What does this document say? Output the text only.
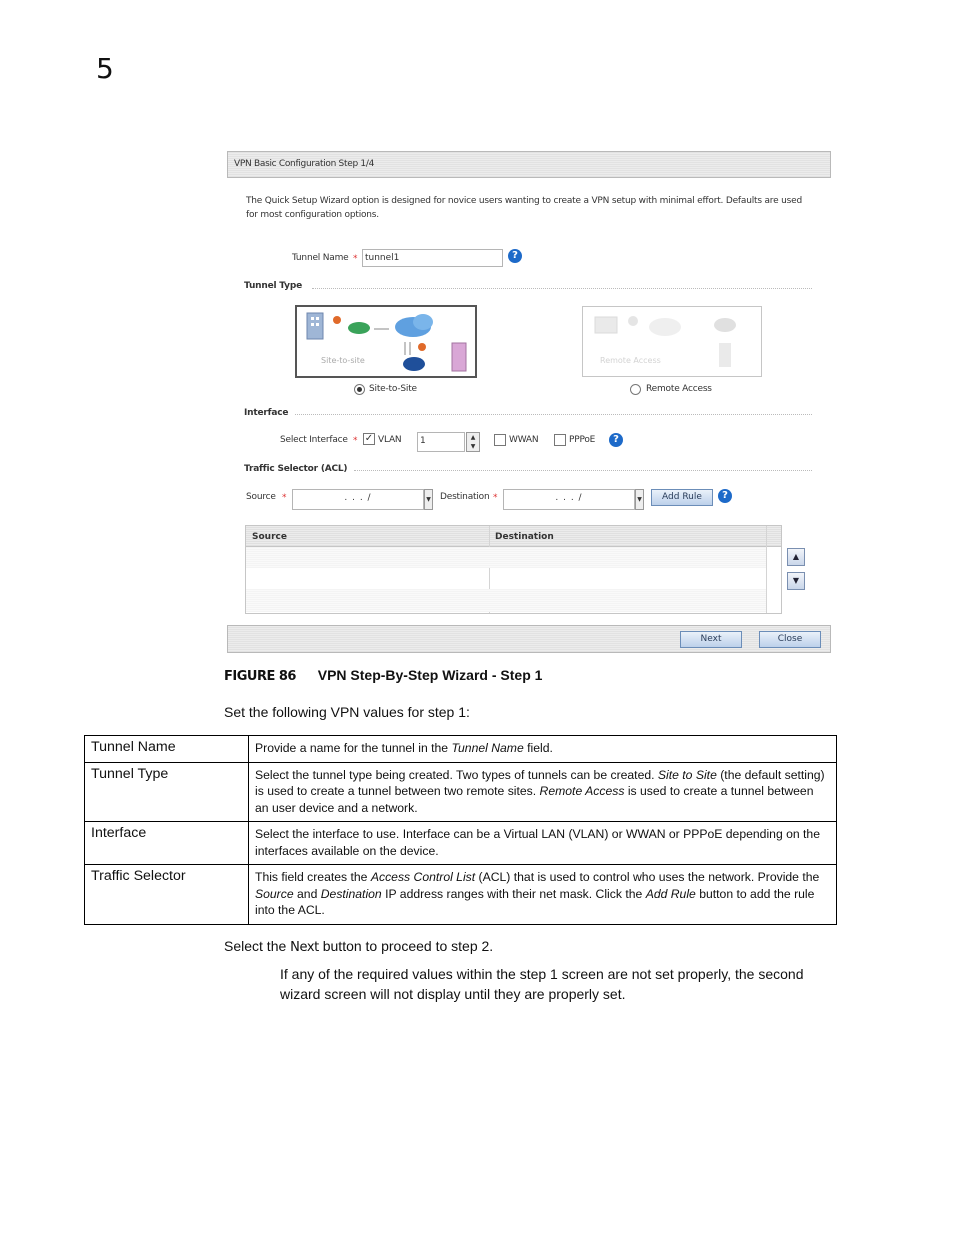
5
VPN Basic Configuration Step 1/4
The Quick Setup Wizard option is designed for novice users wanting to create a VPN setup with minimal effort. Defaults are used for most configuration options.
Tunnel Name * tunnel1	?
Tunnel Type
Site-to-site	Remote Access
Site-to-Site	Remote Access
Interface
Select Interface * ✓ VLAN	1	▲
▼
WWAN	PPPoE	?
Traffic Selector (ACL)
Source *	. . . /	▼ Destination *	. . . /	▼	Add Rule	?
Source	Destination
▲
▼
Next	Close
FIGURE 86 VPN Step-By-Step Wizard - Step 1
Set the following VPN values for step 1:
Tunnel Name	Provide a name for the tunnel in the Tunnel Name field.
Tunnel Type	Select the tunnel type being created. Two types of tunnels can be created. Site to Site (the default setting) is used to create a tunnel between two remote sites. Remote Access is used to create a tunnel between an user device and a network.
Interface	Select the interface to use. Interface can be a Virtual LAN (VLAN) or WWAN or PPPoE depending on the interfaces available on the device.
Traffic Selector	This field creates the Access Control List (ACL) that is used to control who uses the network. Provide the Source and Destination IP address ranges with their net mask. Click the Add Rule button to add the rule into the ACL.
Select the Next button to proceed to step 2.
If any of the required values within the step 1 screen are not set properly, the second wizard screen will not display until they are properly set.
